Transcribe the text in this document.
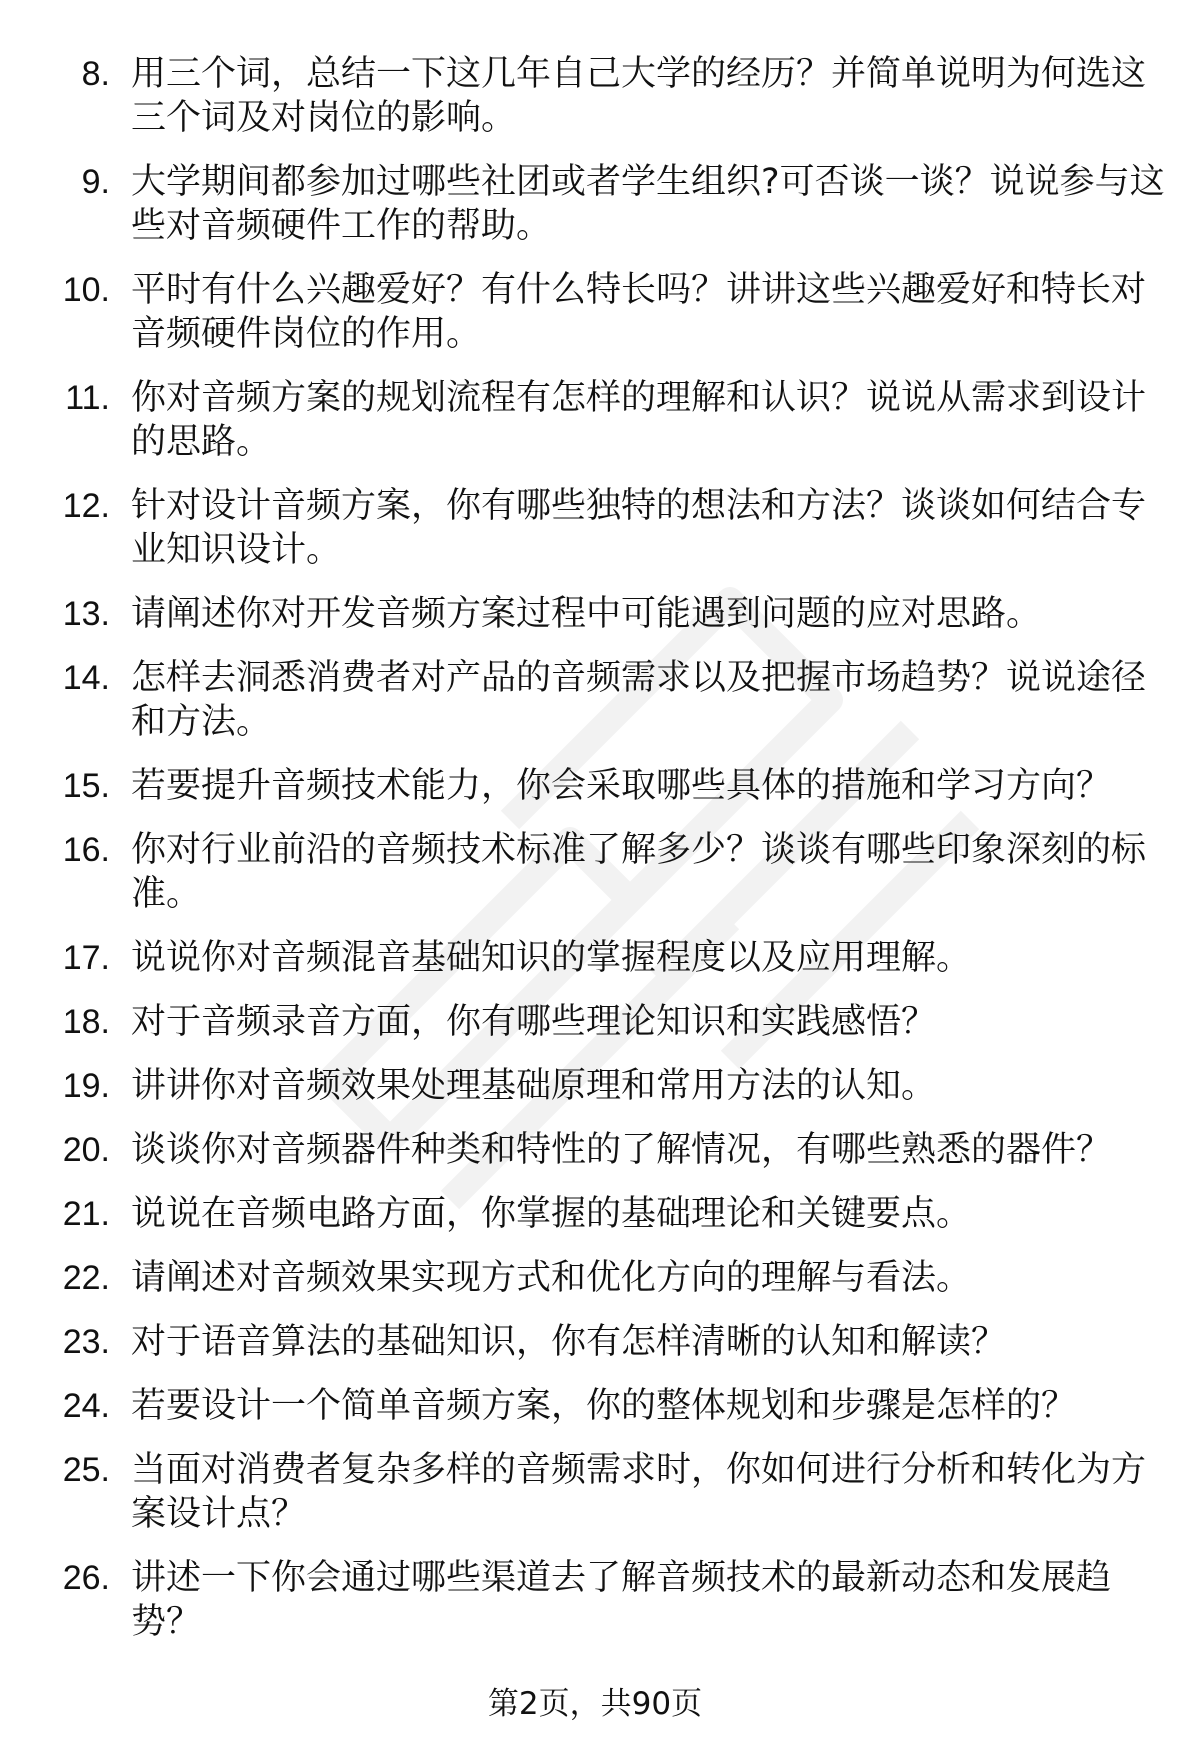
8. 用三个词，总结一下这几年自己大学的经历？并简单说明为何选这三个词及对岗位的影响。
9. 大学期间都参加过哪些社团或者学生组织?可否谈一谈？说说参与这些对音频硬件工作的帮助。
10. 平时有什么兴趣爱好？有什么特长吗？讲讲这些兴趣爱好和特长对音频硬件岗位的作用。
11. 你对音频方案的规划流程有怎样的理解和认识？说说从需求到设计的思路。
12. 针对设计音频方案，你有哪些独特的想法和方法？谈谈如何结合专业知识设计。
13. 请阐述你对开发音频方案过程中可能遇到问题的应对思路。
14. 怎样去洞悉消费者对产品的音频需求以及把握市场趋势？说说途径和方法。
15. 若要提升音频技术能力，你会采取哪些具体的措施和学习方向？
16. 你对行业前沿的音频技术标准了解多少？谈谈有哪些印象深刻的标准。
17. 说说你对音频混音基础知识的掌握程度以及应用理解。
18. 对于音频录音方面，你有哪些理论知识和实践感悟？
19. 讲讲你对音频效果处理基础原理和常用方法的认知。
20. 谈谈你对音频器件种类和特性的了解情况，有哪些熟悉的器件？
21. 说说在音频电路方面，你掌握的基础理论和关键要点。
22. 请阐述对音频效果实现方式和优化方向的理解与看法。
23. 对于语音算法的基础知识，你有怎样清晰的认知和解读？
24. 若要设计一个简单音频方案，你的整体规划和步骤是怎样的？
25. 当面对消费者复杂多样的音频需求时，你如何进行分析和转化为方案设计点？
26. 讲述一下你会通过哪些渠道去了解音频技术的最新动态和发展趋势？
第2页，共90页
